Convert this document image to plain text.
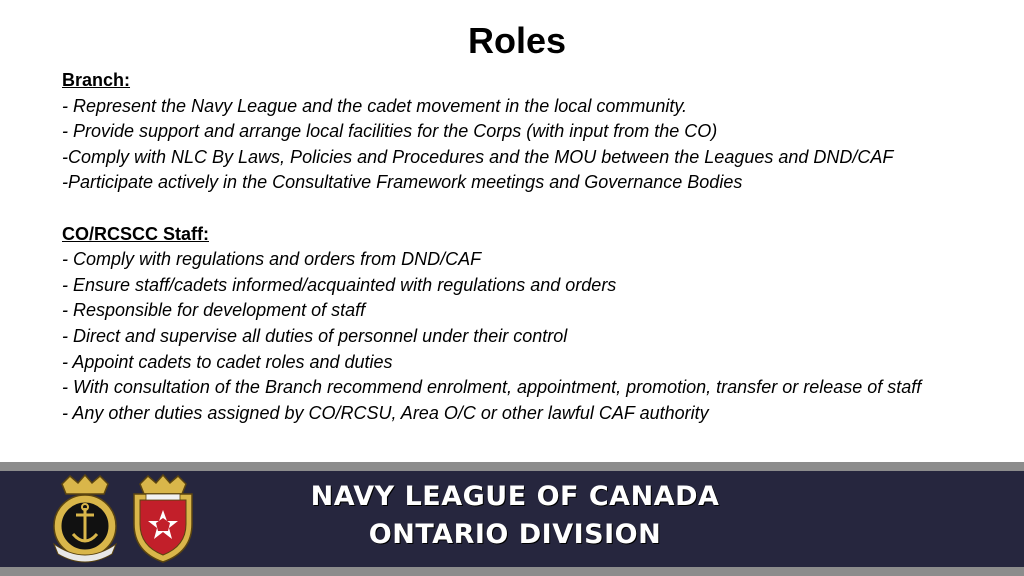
Roles
Branch:
- Represent the Navy League and the cadet movement in the local community.
- Provide support and arrange local facilities for the Corps (with input from the CO)
-Comply with NLC By Laws, Policies and Procedures and the MOU between the Leagues and DND/CAF
-Participate actively in the Consultative Framework meetings and Governance Bodies
CO/RCSCC Staff:
- Comply with regulations and orders from DND/CAF
- Ensure staff/cadets informed/acquainted with regulations and orders
- Responsible for development of staff
- Direct and supervise all duties of personnel under their control
- Appoint cadets to cadet roles and duties
- With consultation of the Branch recommend enrolment, appointment, promotion, transfer or release of staff
- Any other duties assigned by CO/RCSU, Area O/C or other lawful CAF authority
NAVY LEAGUE OF CANADA
ONTARIO DIVISION
